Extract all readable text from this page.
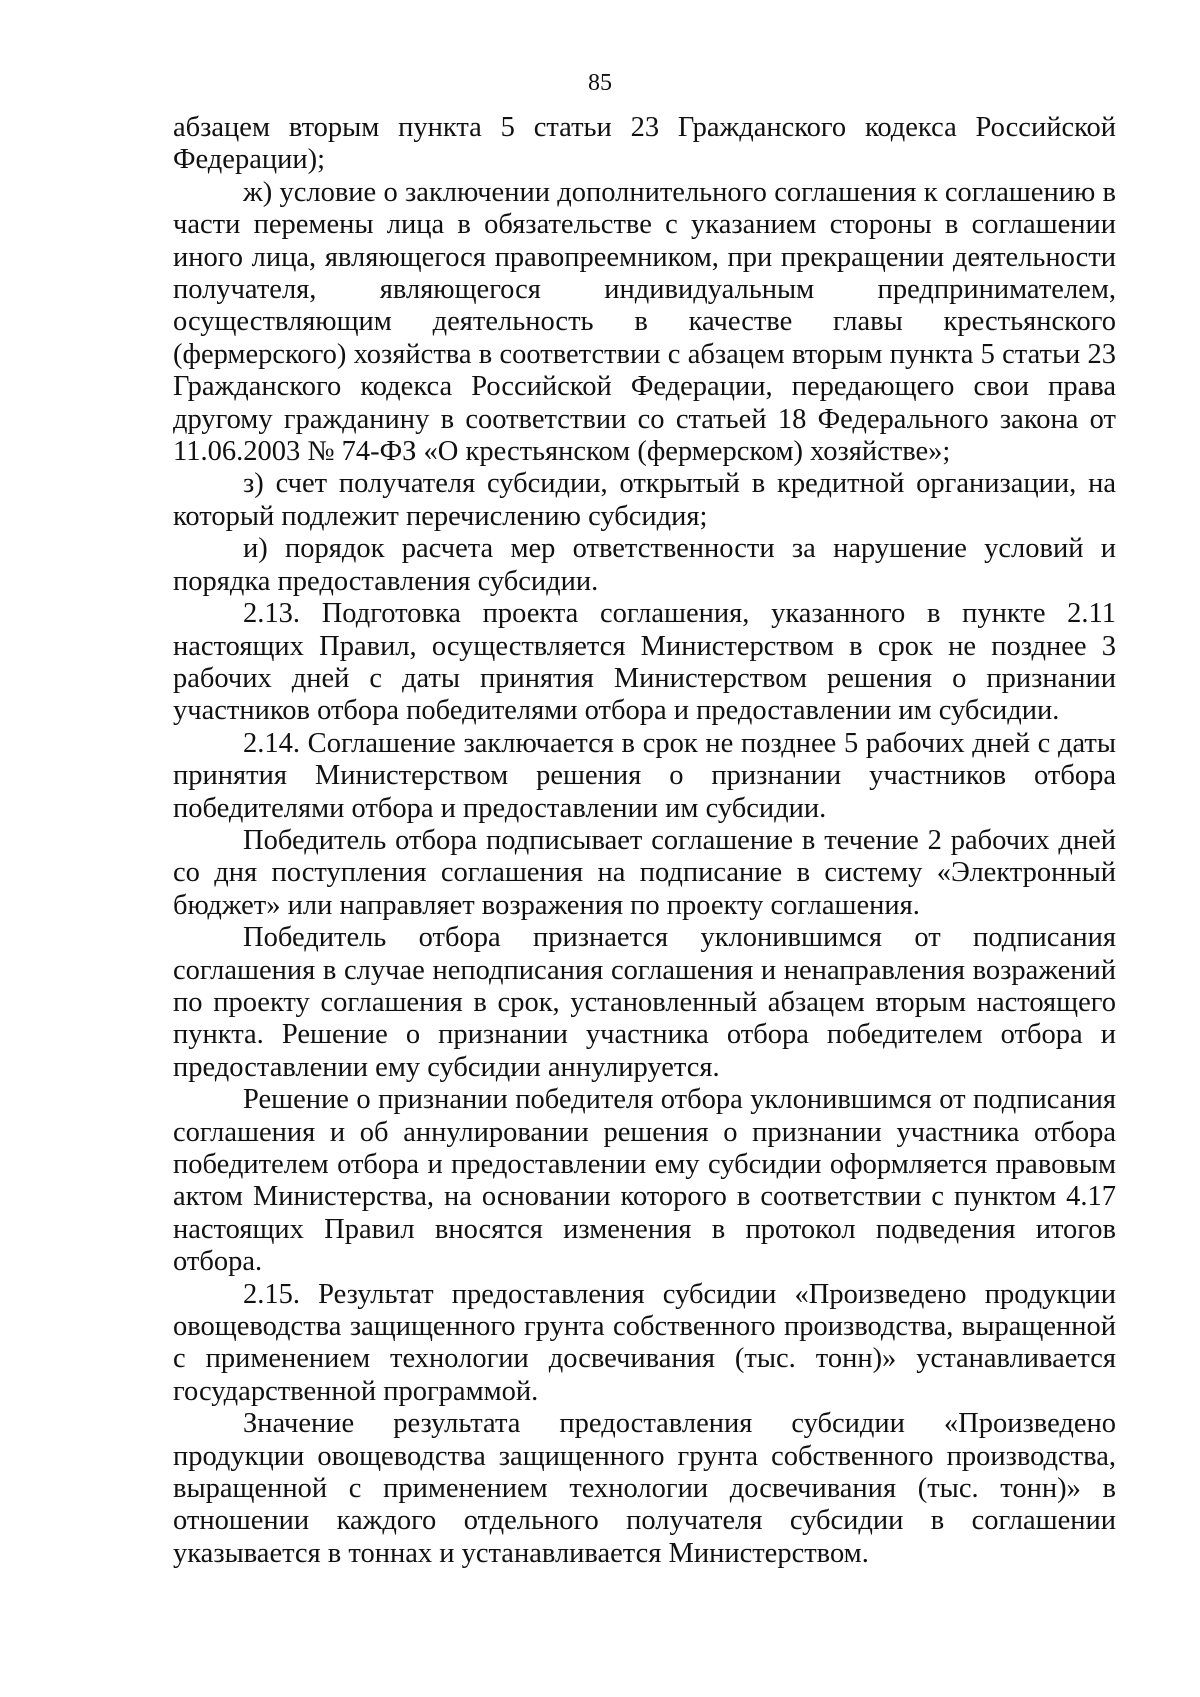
85

абзацем вторым пункта 5 статьи 23 Гражданского кодекса Российской Федерации);

ж) условие о заключении дополнительного соглашения к соглашению в части перемены лица в обязательстве с указанием стороны в соглашении иного лица, являющегося правопреемником, при прекращении деятельности получателя, являющегося индивидуальным предпринимателем, осуществляющим деятельность в качестве главы крестьянского (фермерского) хозяйства в соответствии с абзацем вторым пункта 5 статьи 23 Гражданского кодекса Российской Федерации, передающего свои права другому гражданину в соответствии со статьей 18 Федерального закона от 11.06.2003 № 74-ФЗ «О крестьянском (фермерском) хозяйстве»;

з) счет получателя субсидии, открытый в кредитной организации, на который подлежит перечислению субсидия;

и) порядок расчета мер ответственности за нарушение условий и порядка предоставления субсидии.

2.13. Подготовка проекта соглашения, указанного в пункте 2.11 настоящих Правил, осуществляется Министерством в срок не позднее 3 рабочих дней с даты принятия Министерством решения о признании участников отбора победителями отбора и предоставлении им субсидии.

2.14. Соглашение заключается в срок не позднее 5 рабочих дней с даты принятия Министерством решения о признании участников отбора победителями отбора и предоставлении им субсидии.

Победитель отбора подписывает соглашение в течение 2 рабочих дней со дня поступления соглашения на подписание в систему «Электронный бюджет» или направляет возражения по проекту соглашения.

Победитель отбора признается уклонившимся от подписания соглашения в случае неподписания соглашения и ненаправления возражений по проекту соглашения в срок, установленный абзацем вторым настоящего пункта. Решение о признании участника отбора победителем отбора и предоставлении ему субсидии аннулируется.

Решение о признании победителя отбора уклонившимся от подписания соглашения и об аннулировании решения о признании участника отбора победителем отбора и предоставлении ему субсидии оформляется правовым актом Министерства, на основании которого в соответствии с пунктом 4.17 настоящих Правил вносятся изменения в протокол подведения итогов отбора.

2.15. Результат предоставления субсидии «Произведено продукции овощеводства защищенного грунта собственного производства, выращенной с применением технологии досвечивания (тыс. тонн)» устанавливается государственной программой.

Значение результата предоставления субсидии «Произведено продукции овощеводства защищенного грунта собственного производства, выращенной с применением технологии досвечивания (тыс. тонн)» в отношении каждого отдельного получателя субсидии в соглашении указывается в тоннах и устанавливается Министерством.
